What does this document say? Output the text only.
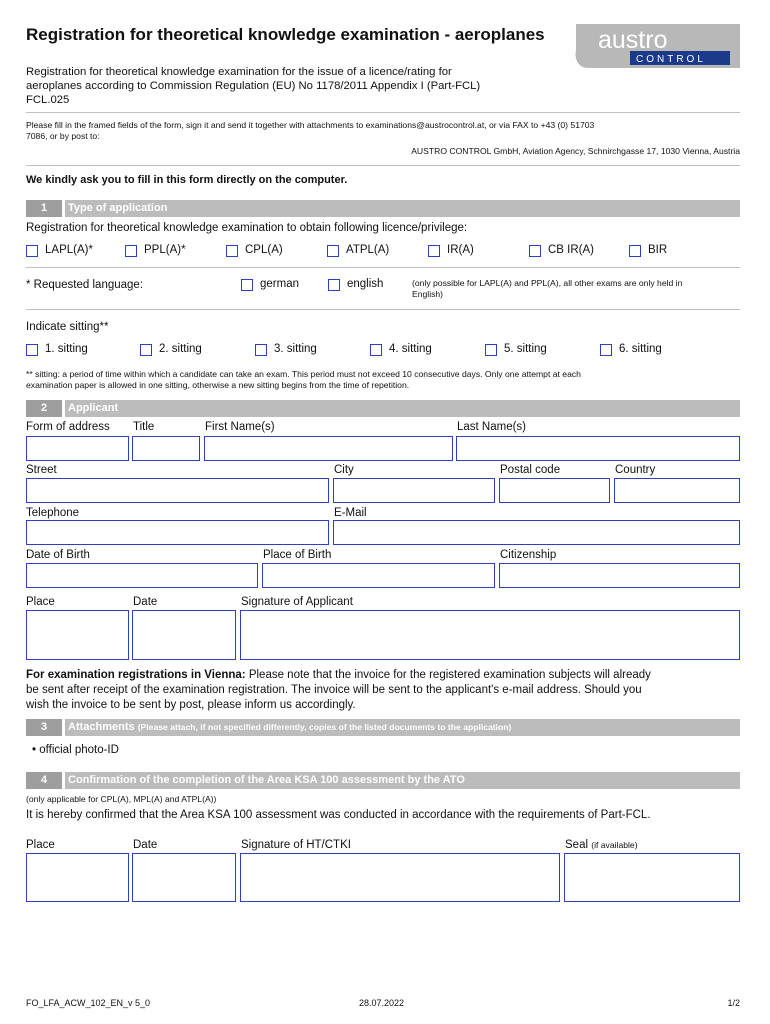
Registration for theoretical knowledge examination - aeroplanes
Registration for theoretical knowledge examination for the issue of a licence/rating for
aeroplanes according to Commission Regulation (EU) No 1178/2011 Appendix I (Part-FCL)
FCL.025
austro
CONTROL
Please fill in the framed fields of the form, sign it and send it together with attachments to examinations@austrocontrol.at, or via FAX to +43 (0) 51703
7086, or by post to:
AUSTRO CONTROL GmbH, Aviation Agency, Schnirchgasse 17, 1030 Vienna, Austria
We kindly ask you to fill in this form directly on the computer.
1	Type of application
Registration for theoretical knowledge examination to obtain following licence/privilege:
LAPL(A)*	PPL(A)*	CPL(A)	ATPL(A)	IR(A)	CB IR(A)	BIR
* Requested language:	german	english	(only possible for LAPL(A) and PPL(A), all other exams are only held in
English)
Indicate sitting**
1. sitting	2. sitting	3. sitting	4. sitting	5. sitting	6. sitting
** sitting: a period of time within which a candidate can take an exam. This period must not exceed 10 consecutive days. Only one attempt at each
examination paper is allowed in one sitting, otherwise a new sitting begins from the time of repetition.
2	Applicant
Form of address Title	First Name(s)	Last Name(s)
Street	City	Postal code	Country
Telephone	E-Mail
Date of Birth	Place of Birth	Citizenship
Place	Date	Signature of Applicant
For examination registrations in Vienna: Please note that the invoice for the registered examination subjects will already
be sent after receipt of the examination registration. The invoice will be sent to the applicant's e-mail address. Should you
wish the invoice to be sent by post, please inform us accordingly.
3	Attachments (Please attach, if not specified differently, copies of the listed documents to the application)
• official photo-ID
4	Confirmation of the completion of the Area KSA 100 assessment by the ATO
(only applicable for CPL(A), MPL(A) and ATPL(A))
It is hereby confirmed that the Area KSA 100 assessment was conducted in accordance with the requirements of Part-FCL.
Place	Date	Signature of HT/CTKI	Seal (if available)
FO_LFA_ACW_102_EN_v 5_0	28.07.2022	1/2
